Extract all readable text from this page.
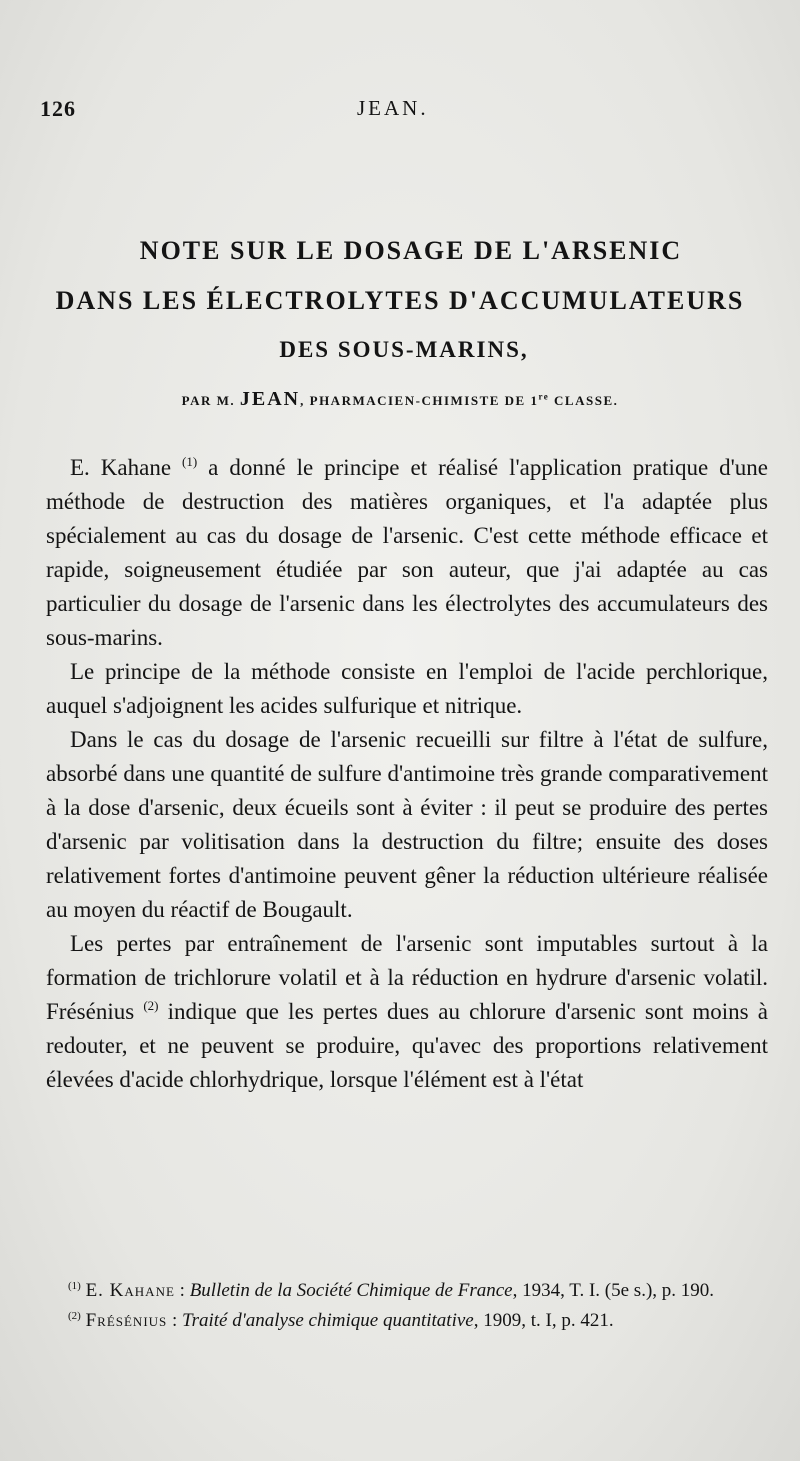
126	JEAN.
NOTE SUR LE DOSAGE DE L'ARSENIC
DANS LES ÉLECTROLYTES D'ACCUMULATEURS
DES SOUS-MARINS,
PAR M. JEAN, PHARMACIEN-CHIMISTE DE 1re CLASSE.

E. Kahane $^{(1)}$ a donné le principe et réalisé l'application pratique d'une méthode de destruction des matières organiques, et l'a adaptée plus spécialement au cas du dosage de l'arsenic. C'est cette méthode efficace et rapide, soigneusement étudiée par son auteur, que j'ai adaptée au cas particulier du dosage de l'arsenic dans les électrolytes des accumulateurs des sous-marins.

Le principe de la méthode consiste en l'emploi de l'acide perchlorique, auquel s'adjoignent les acides sulfurique et nitrique.

Dans le cas du dosage de l'arsenic recueilli sur filtre à l'état de sulfure, absorbé dans une quantité de sulfure d'antimoine très grande comparativement à la dose d'arsenic, deux écueils sont à éviter : il peut se produire des pertes d'arsenic par volitisation dans la destruction du filtre; ensuite des doses relativement fortes d'antimoine peuvent gêner la réduction ultérieure réalisée au moyen du réactif de Bougault.

Les pertes par entraînement de l'arsenic sont imputables surtout à la formation de trichlorure volatil et à la réduction en hydrure d'arsenic volatil. Frésénius $^{(2)}$ indique que les pertes dues au chlorure d'arsenic sont moins à redouter, et ne peuvent se produire, qu'avec des proportions relativement élevées d'acide chlorhydrique, lorsque l'élément est à l'état

$^{(1)}$ E. Kahane : Bulletin de la Société Chimique de France, 1934, T. I. (5e s.), p. 190.

$^{(2)}$ Frésénius : Traité d'analyse chimique quantitative, 1909, t. I, p. 421.
